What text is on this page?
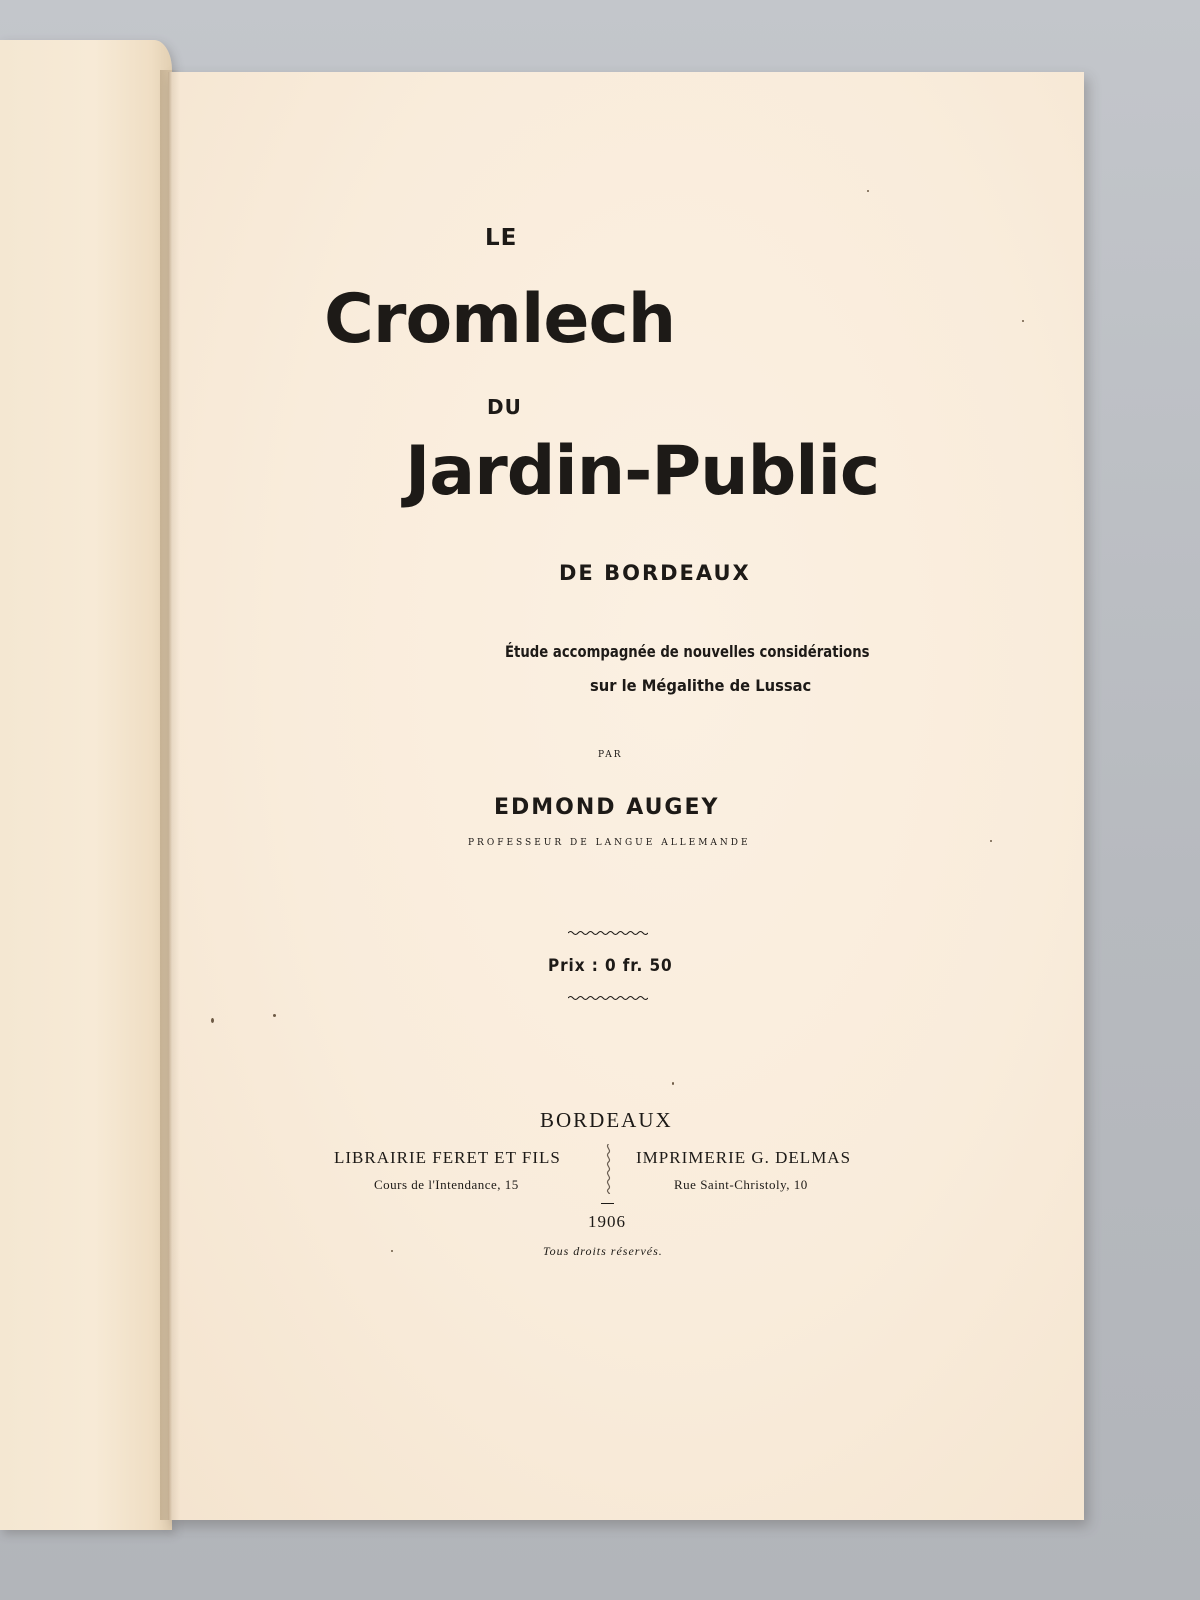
LE
Cromlech
DU
Jardin-Public
DE BORDEAUX
Étude accompagnée de nouvelles considérations
sur le Mégalithe de Lussac
PAR
EDMOND AUGEY
PROFESSEUR DE LANGUE ALLEMANDE
Prix : 0 fr. 50
BORDEAUX
LIBRAIRIE FERET ET FILS	IMPRIMERIE G. DELMAS
Cours de l'Intendance, 15	Rue Saint-Christoly, 10
1906
Tous droits réservés.
